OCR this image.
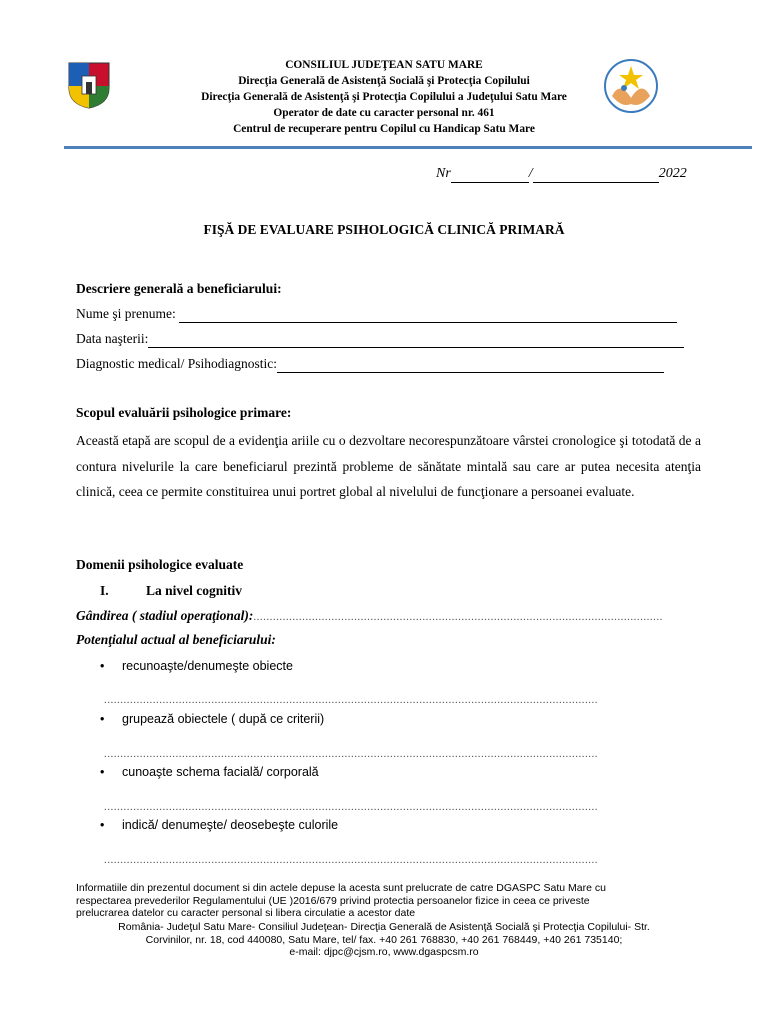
CONSILIUL JUDEŢEAN SATU MARE
Direcţia Generală de Asistenţă Socială şi Protecţia Copilului
Direcţia Generală de Asistenţă şi Protecţia Copilului a Judeţului Satu Mare
Operator de date cu caracter personal nr. 461
Centrul de recuperare pentru Copilul cu Handicap Satu Mare
Nr	/	2022
FIŞĂ DE EVALUARE PSIHOLOGICĂ CLINICĂ PRIMARĂ
Descriere generală a beneficiarului:
Nume şi prenume:
Data naşterii:
Diagnostic medical/ Psihodiagnostic:
Scopul evaluării psihologice primare:
Această etapă are scopul de a evidenţia ariile cu o dezvoltare necorespunzătoare vârstei cronologice şi totodată de a contura nivelurile la care beneficiarul prezintă probleme de sănătate mintală sau care ar putea necesita atenţia clinică, ceea ce permite constituirea unui portret global al nivelului de funcţionare a persoanei evaluate.
Domenii psihologice evaluate
I.	La nivel cognitiv
Gândirea ( stadiul operaţional):..............................................................................................................................
Potenţialul actual al beneficiarului:
• recunoaşte/denumeşte obiecte
........................................................................................................................................................
• grupează obiectele ( după ce criterii)
........................................................................................................................................................
• cunoaşte schema facială/ corporală
........................................................................................................................................................
• indică/ denumeşte/ deosebeşte culorile
........................................................................................................................................................
Informatiile din prezentul document si din actele depuse la acesta sunt prelucrate de catre DGASPC Satu Mare cu
respectarea prevederilor Regulamentului (UE )2016/679 privind protectia persoanelor fizice in ceea ce priveste
prelucrarea datelor cu caracter personal si libera circulatie a acestor date
România- Judeţul Satu Mare- Consiliul Judeţean- Direcţia Generală de Asistenţă Socială şi Protecţia Copilului- Str.
Corvinilor, nr. 18, cod 440080, Satu Mare, tel/ fax. +40 261 768830, +40 261 768449, +40 261 735140;
e-mail: djpc@cjsm.ro, www.dgaspcsm.ro
